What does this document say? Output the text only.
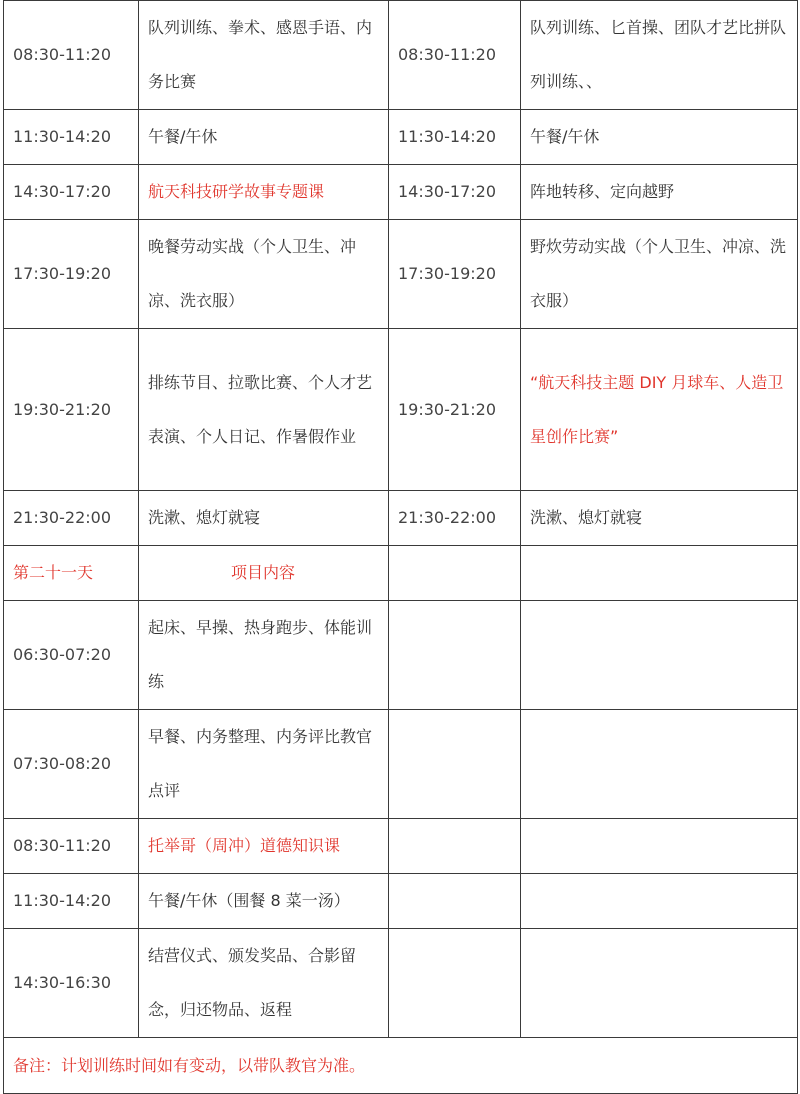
08:30-11:20	队列训练、拳术、感恩手语、内务比赛	08:30-11:20	队列训练、匕首操、团队才艺比拼队列训练、、
11:30-14:20	午餐/午休	11:30-14:20	午餐/午休
14:30-17:20	航天科技研学故事专题课	14:30-17:20	阵地转移、定向越野
17:30-19:20	晚餐劳动实战（个人卫生、冲凉、洗衣服）	17:30-19:20	野炊劳动实战（个人卫生、冲凉、洗衣服）
19:30-21:20	排练节目、拉歌比赛、个人才艺表演、个人日记、作暑假作业	19:30-21:20	“航天科技主题 DIY 月球车、人造卫星创作比赛”
21:30-22:00	洗漱、熄灯就寝	21:30-22:00	洗漱、熄灯就寝
第二十一天	项目内容		
06:30-07:20	起床、早操、热身跑步、体能训练		
07:30-08:20	早餐、内务整理、内务评比教官点评		
08:30-11:20	托举哥（周冲）道德知识课		
11:30-14:20	午餐/午休（围餐 8 菜一汤）		
14:30-16:30	结营仪式、颁发奖品、合影留念，归还物品、返程		
备注：计划训练时间如有变动，以带队教官为准。			
